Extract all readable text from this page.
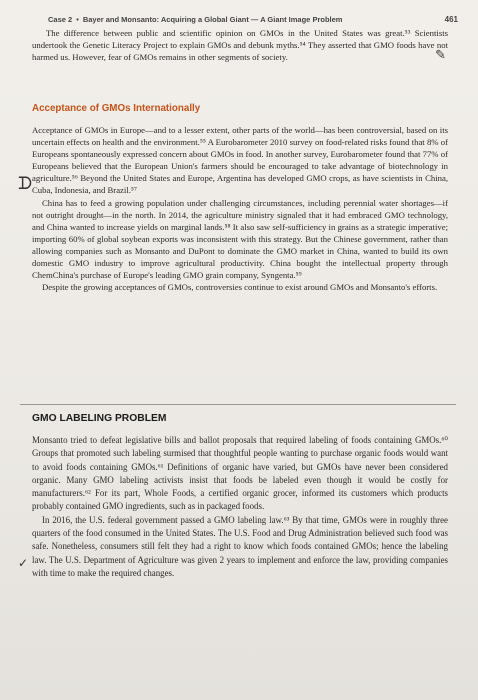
Case 2 • Bayer and Monsanto: Acquiring a Global Giant — A Giant Image Problem	461

The difference between public and scientific opinion on GMOs in the United States was great.⁵³ Scientists undertook the Genetic Literacy Project to explain GMOs and debunk myths.⁵⁴ They asserted that GMO foods have not harmed us. However, fear of GMOs remains in other segments of society.	✎
Acceptance of GMOs Internationally

Acceptance of GMOs in Europe—and to a lesser extent, other parts of the world—has been controversial, based on its uncertain effects on health and the environment.⁵⁵ A Eurobarometer 2010 survey on food-related risks found that 8% of Europeans spontaneously expressed concern about GMOs in food. In another survey, Eurobarometer found that 77% of Europeans believed that the European Union's farmers should be encouraged to take advantage of biotechnology in agriculture.⁵⁶ Beyond the United States and Europe, Argentina has developed GMO crops, as have scientists in China, Cuba, Indonesia, and Brazil.⁵⁷

China has to feed a growing population under challenging circumstances, including perennial water shortages—if not outright drought—in the north. In 2014, the agriculture ministry signaled that it had embraced GMO technology, and China wanted to increase yields on marginal lands.⁵⁸ It also saw self-sufficiency in grains as a strategic imperative; importing 60% of global soybean exports was inconsistent with this strategy. But the Chinese government, rather than allowing companies such as Monsanto and DuPont to dominate the GMO market in China, wanted to build its own domestic GMO industry to improve agricultural productivity. China bought the intellectual property through ChemChina's purchase of Europe's leading GMO grain company, Syngenta.⁵⁹

Despite the growing acceptances of GMOs, controversies continue to exist around GMOs and Monsanto's efforts.

ᗪ
GMO LABELING PROBLEM

Monsanto tried to defeat legislative bills and ballot proposals that required labeling of foods containing GMOs.⁶⁰ Groups that promoted such labeling surmised that thoughtful people wanting to purchase organic foods would want to avoid foods containing GMOs.⁶¹ Definitions of organic have varied, but GMOs have never been considered organic. Many GMO labeling activists insist that foods be labeled even though it would be costly for manufacturers.⁶² For its part, Whole Foods, a certified organic grocer, informed its customers which products probably contained GMO ingredients, such as in packaged foods.

In 2016, the U.S. federal government passed a GMO labeling law.⁶³ By that time, GMOs were in roughly three quarters of the food consumed in the United States. The U.S. Food and Drug Administration believed such food was safe. Nonetheless, consumers still felt they had a right to know which foods contained GMOs; hence the labeling law. The U.S. Department of Agriculture was given 2 years to implement and enforce the law, providing companies with time to make the required changes.

✓
